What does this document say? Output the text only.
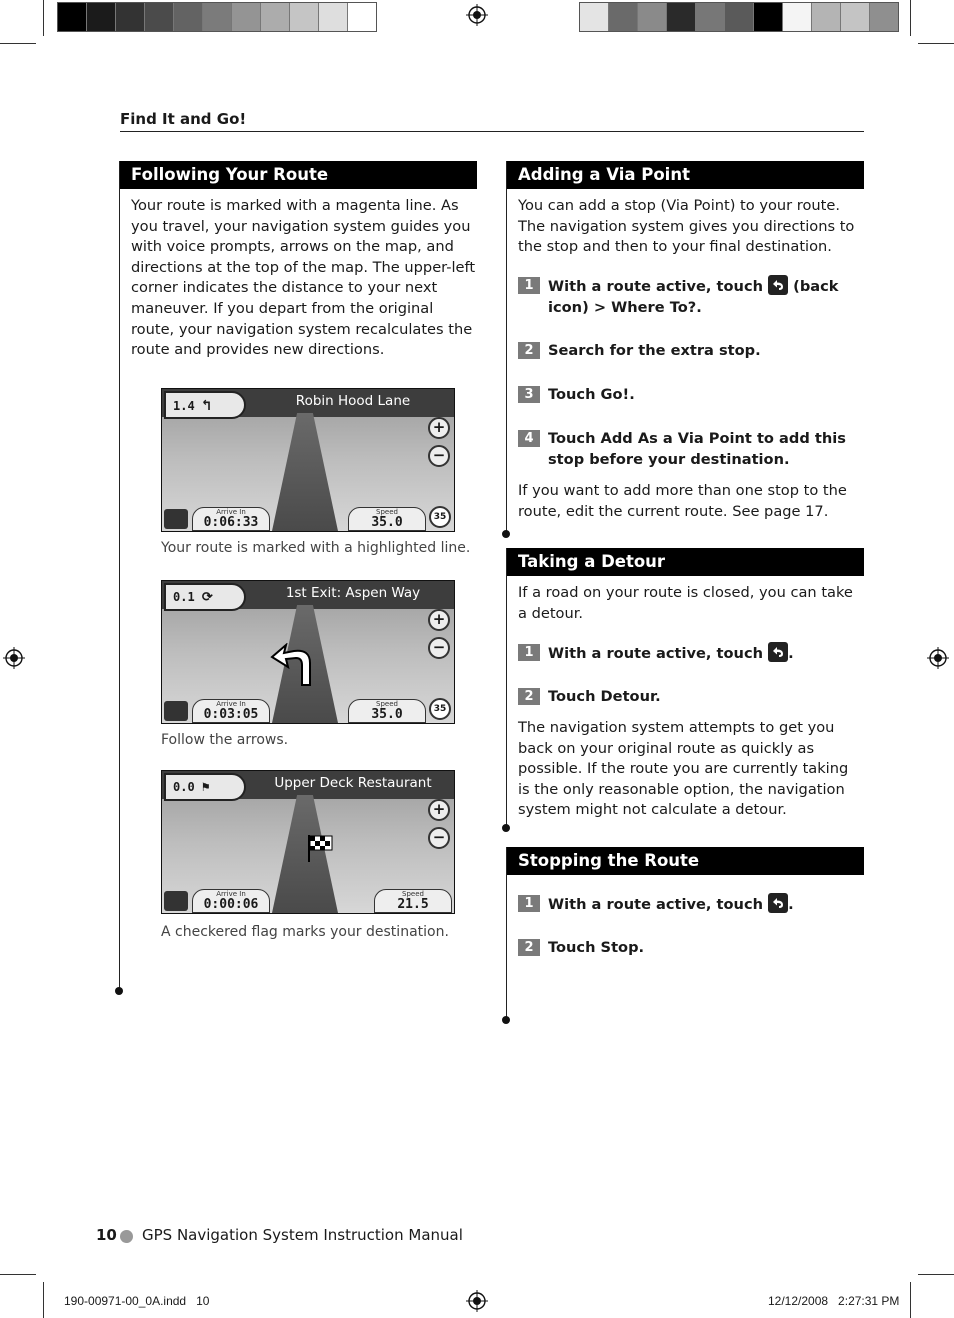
Find It and Go!
Following Your Route
Your route is marked with a magenta line. As you travel, your navigation system guides you with voice prompts, arrows on the map, and directions at the top of the map. The upper-left corner indicates the distance to your next maneuver. If you depart from the original route, your navigation system recalculates the route and provides new directions.
1.4 ↰	Robin Hood Lane
+
−
Arrive In
0:06:33
Speed
35.0	35
Your route is marked with a highlighted line.
0.1 ⟳	1st Exit: Aspen Way
+
−
Arrive In
0:03:05
Speed
35.0	35
Follow the arrows.
0.0 ⚑	Upper Deck Restaurant
+
−
Arrive In
0:00:06
Speed
21.5
A checkered flag marks your destination.
Adding a Via Point
You can add a stop (Via Point) to your route. The navigation system gives you directions to the stop and then to your final destination.
1 With a route active, touch
(back icon) > Where To?.
2 Search for the extra stop.
3 Touch Go!.
4 Touch Add As a Via Point to add this stop before your destination.
If you want to add more than one stop to the route, edit the current route. See page 17.
Taking a Detour
If a road on your route is closed, you can take a detour.
1 With a route active, touch
.
2 Touch Detour.
The navigation system attempts to get you back on your original route as quickly as possible. If the route you are currently taking is the only reasonable option, the navigation system might not calculate a detour.
Stopping the Route
1 With a route active, touch
.
2 Touch Stop.
10 GPS Navigation System Instruction Manual
190-00971-00_0A.indd   10	12/12/2008   2:27:31 PM
